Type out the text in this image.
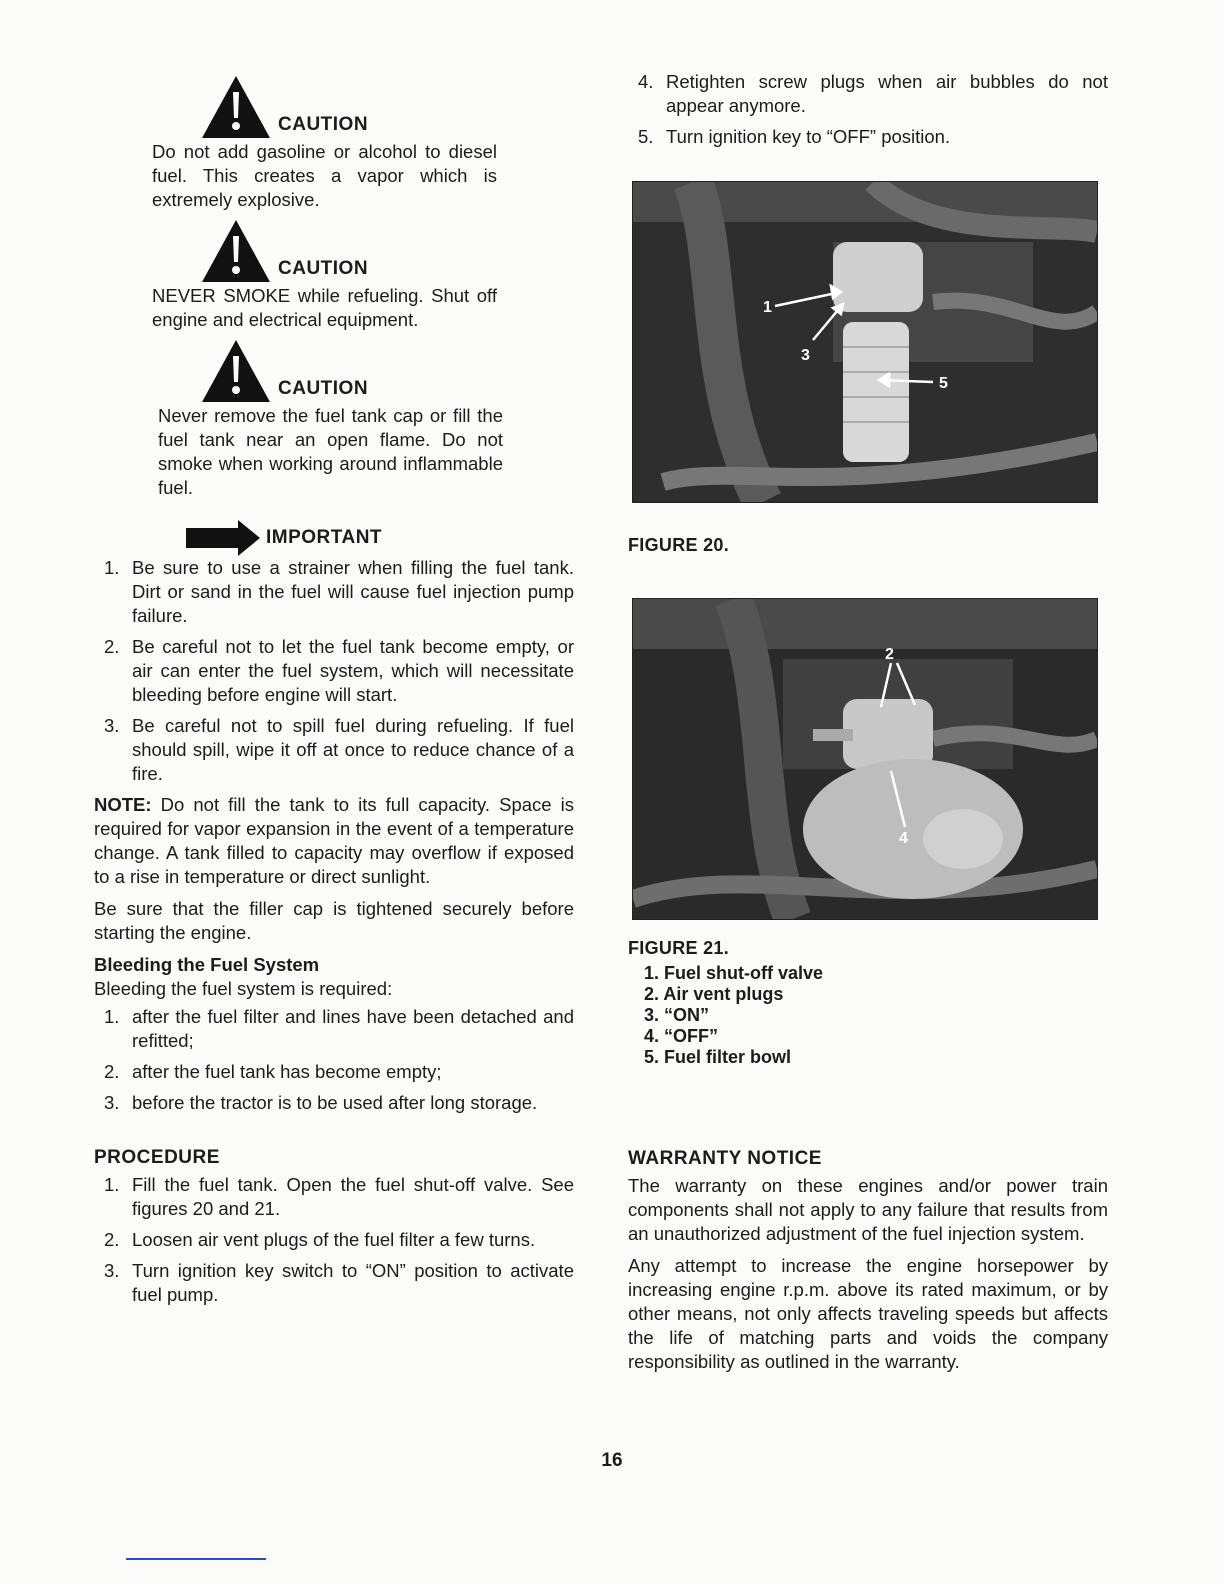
CAUTION

Do not add gasoline or alcohol to diesel fuel. This creates a vapor which is extremely explosive.

CAUTION

NEVER SMOKE while refueling. Shut off engine and electrical equipment.

CAUTION

Never remove the fuel tank cap or fill the fuel tank near an open flame. Do not smoke when working around inflammable fuel.

IMPORTANT
1. Be sure to use a strainer when filling the fuel tank. Dirt or sand in the fuel will cause fuel injection pump failure.
2. Be careful not to let the fuel tank become empty, or air can enter the fuel system, which will necessitate bleeding before engine will start.
3. Be careful not to spill fuel during refueling. If fuel should spill, wipe it off at once to reduce chance of a fire.

NOTE: Do not fill the tank to its full capacity. Space is required for vapor expansion in the event of a temperature change. A tank filled to capacity may overflow if exposed to a rise in temperature or direct sunlight.

Be sure that the filler cap is tightened securely before starting the engine.

Bleeding the Fuel System

Bleeding the fuel system is required:

1. after the fuel filter and lines have been detached and refitted;
2. after the fuel tank has become empty;
3. before the tractor is to be used after long storage.
PROCEDURE
1. Fill the fuel tank. Open the fuel shut-off valve. See figures 20 and 21.
2. Loosen air vent plugs of the fuel filter a few turns.
3. Turn ignition key switch to “ON” position to activate fuel pump.
4. Retighten screw plugs when air bubbles do not appear anymore.
5. Turn ignition key to “OFF” position.
1
3
5
FIGURE 20.
2
4
FIGURE 21.
1. Fuel shut-off valve
2. Air vent plugs
3. “ON”
4. “OFF”
5. Fuel filter bowl
WARRANTY NOTICE

The warranty on these engines and/or power train components shall not apply to any failure that results from an unauthorized adjustment of the fuel injection system.

Any attempt to increase the engine horsepower by increasing engine r.p.m. above its rated maximum, or by other means, not only affects traveling speeds but affects the life of matching parts and voids the company responsibility as outlined in the warranty.

16
